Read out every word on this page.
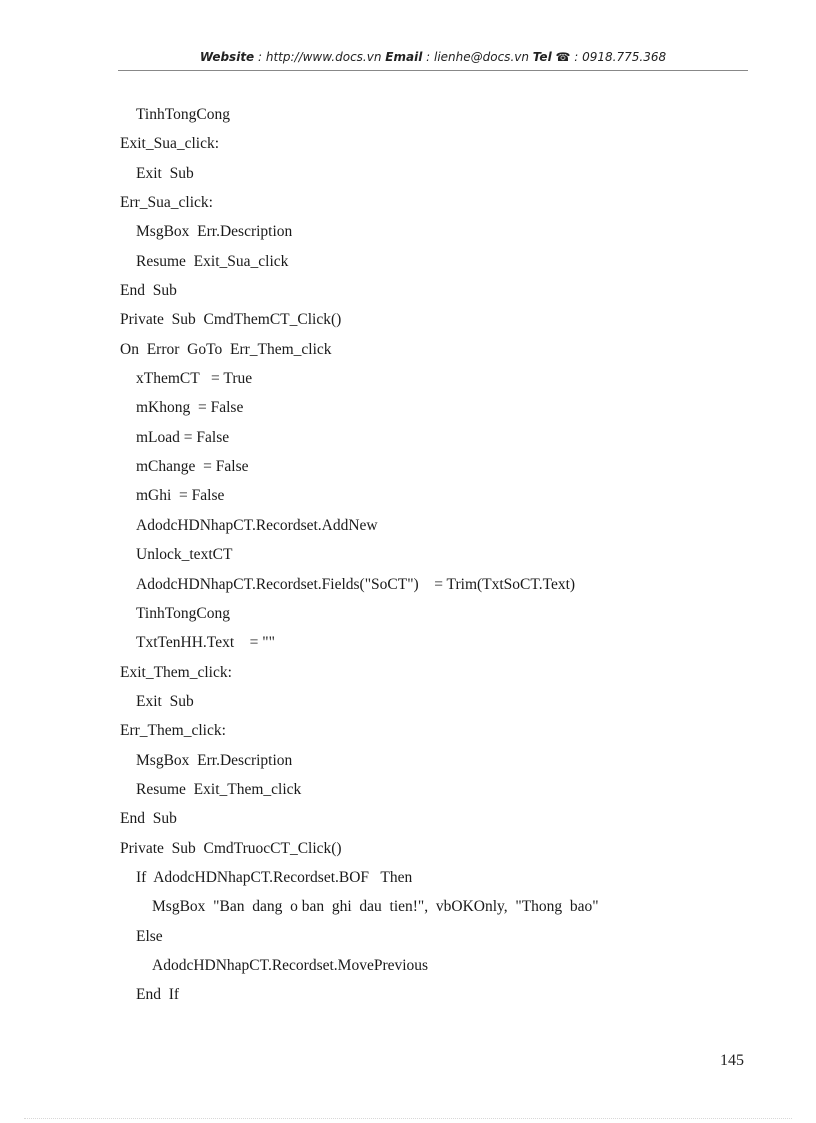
Website : http://www.docs.vn Email : lienhe@docs.vn Tel ☎ : 0918.775.368
TinhTongCong
Exit_Sua_click:
Exit  Sub
Err_Sua_click:
MsgBox  Err.Description
Resume  Exit_Sua_click
End  Sub
Private  Sub  CmdThemCT_Click()
On  Error  GoTo  Err_Them_click
xThemCT   = True
mKhong  = False
mLoad = False
mChange  = False
mGhi  = False
AdodcHDNhapCT.Recordset.AddNew
Unlock_textCT
AdodcHDNhapCT.Recordset.Fields("SoCT")    = Trim(TxtSoCT.Text)
TinhTongCong
TxtTenHH.Text    = ""
Exit_Them_click:
Exit  Sub
Err_Them_click:
MsgBox  Err.Description
Resume  Exit_Them_click
End  Sub
Private  Sub  CmdTruocCT_Click()
If  AdodcHDNhapCT.Recordset.BOF   Then
MsgBox  "Ban  dang  o ban  ghi  dau  tien!",  vbOKOnly,  "Thong  bao"
Else
AdodcHDNhapCT.Recordset.MovePrevious
End  If
145
